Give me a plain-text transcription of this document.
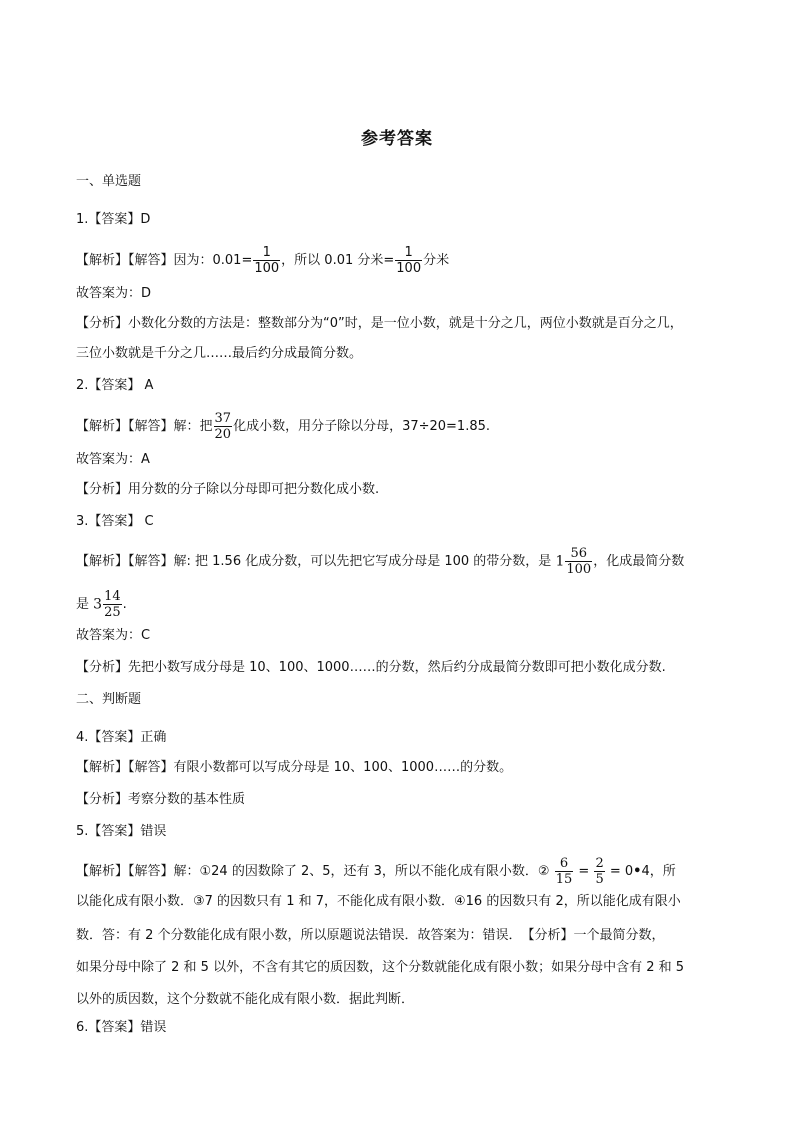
参考答案
一、单选题
1.【答案】D
【解析】【解答】因为：$0.01= \frac{1}{100}$ ，所以 0.01 分米= $\frac{1}{100}$ 分米
故答案为：D
【分析】小数化分数的方法是：整数部分为“0”时，是一位小数，就是十分之几，两位小数就是百分之几，
三位小数就是千分之几……最后约分成最简分数。
2.【答案】 A
【解析】【解答】解：把 $\frac{37}{20}$ 化成小数，用分子除以分母，37÷20=1.85.
故答案为：A
【分析】用分数的分子除以分母即可把分数化成小数.
3.【答案】 C
【解析】【解答】解: 把 1.56 化成分数，可以先把它写成分母是 100 的带分数，是 $1 \frac{56}{100}$ ，化成最简分数
是 $3 \frac{14}{25}$ .
故答案为：C
【分析】先把小数写成分母是 10、100、1000……的分数，然后约分成最简分数即可把小数化成分数.
二、判断题
4.【答案】正确
【解析】【解答】有限小数都可以写成分母是 10、100、1000……的分数。
【分析】考察分数的基本性质
5.【答案】错误
【解析】【解答】解：①24 的因数除了 2、5，还有 3，所以不能化成有限小数．② $\frac{6}{15} = \frac{2}{5}$ = 0•4，所
以能化成有限小数．③7 的因数只有 1 和 7，不能化成有限小数．④16 的因数只有 2，所以能化成有限小
数．答：有 2 个分数能化成有限小数，所以原题说法错误．故答案为：错误．　【分析】一个最简分数，
如果分母中除了 2 和 5 以外，不含有其它的质因数，这个分数就能化成有限小数；如果分母中含有 2 和 5
以外的质因数，这个分数就不能化成有限小数．据此判断．
6.【答案】错误
